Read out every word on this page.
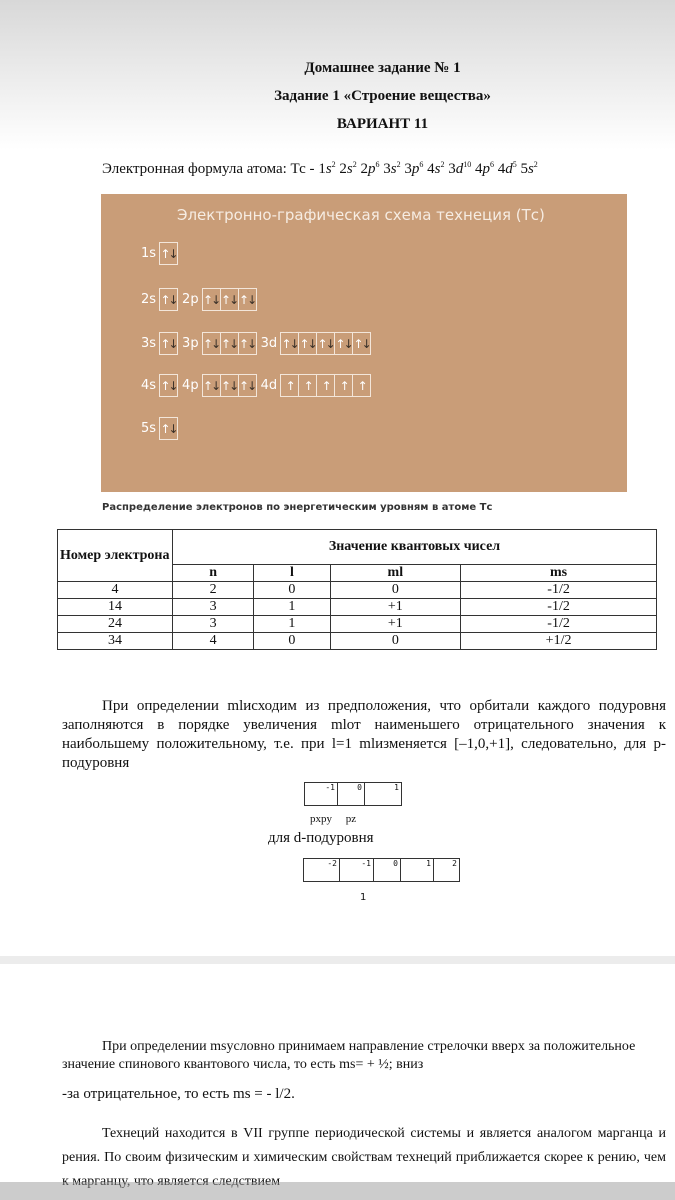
Домашнее задание № 1
Задание 1 «Строение вещества»
ВАРИАНТ 11
Электронная формула атома: Тс - $1s^2$ $2s^2$ $2p^6$ $3s^2$ $3p^6$ $4s^2$ $3d^{10}$ $4p^6$ $4d^5$ $5s^2$
Электронно-графическая схема технеция (Тс)
1s ↑ ↓
2s ↑ ↓ 2p ↑ ↓ ↑ ↓ ↑ ↓
3s ↑ ↓ 3p ↑ ↓ ↑ ↓ ↑ ↓ 3d ↑ ↓ ↑ ↓ ↑ ↓ ↑ ↓ ↑ ↓
4s ↑ ↓ 4p ↑ ↓ ↑ ↓ ↑ ↓ 4d ↑ ↑ ↑ ↑ ↑
5s ↑ ↓
Распределение электронов по энергетическим уровням в атоме Тс
Номер электрона	Значение квантовых чисел			
	n	l	ml	ms
4	2	0	0	-1/2
14	3	1	+1	-1/2
24	3	1	+1	-1/2
34	4	0	0	+1/2
При определении mlисходим из предположения, что орбитали каждого подуровня заполняются в порядке увеличения mlот наименьшего отрицательного значения к наибольшему положительному, т.е. при l=1 mlизменяется [–1,0,+1], следовательно, для р-подуровня
-1	0	1
pxpy     pz
для d-подуровня
-2	-1	0	1	2
1
При определении msусловно принимаем направление стрелочки вверх за положительное значение спинового квантового числа, то есть ms= + ½; вниз
-за отрицательное, то есть ms = - l/2.
Технеций находится в VII группе периодической системы и является аналогом марганца и рения. По своим физическим и химическим свойствам технеций приближается скорее к рению, чем
